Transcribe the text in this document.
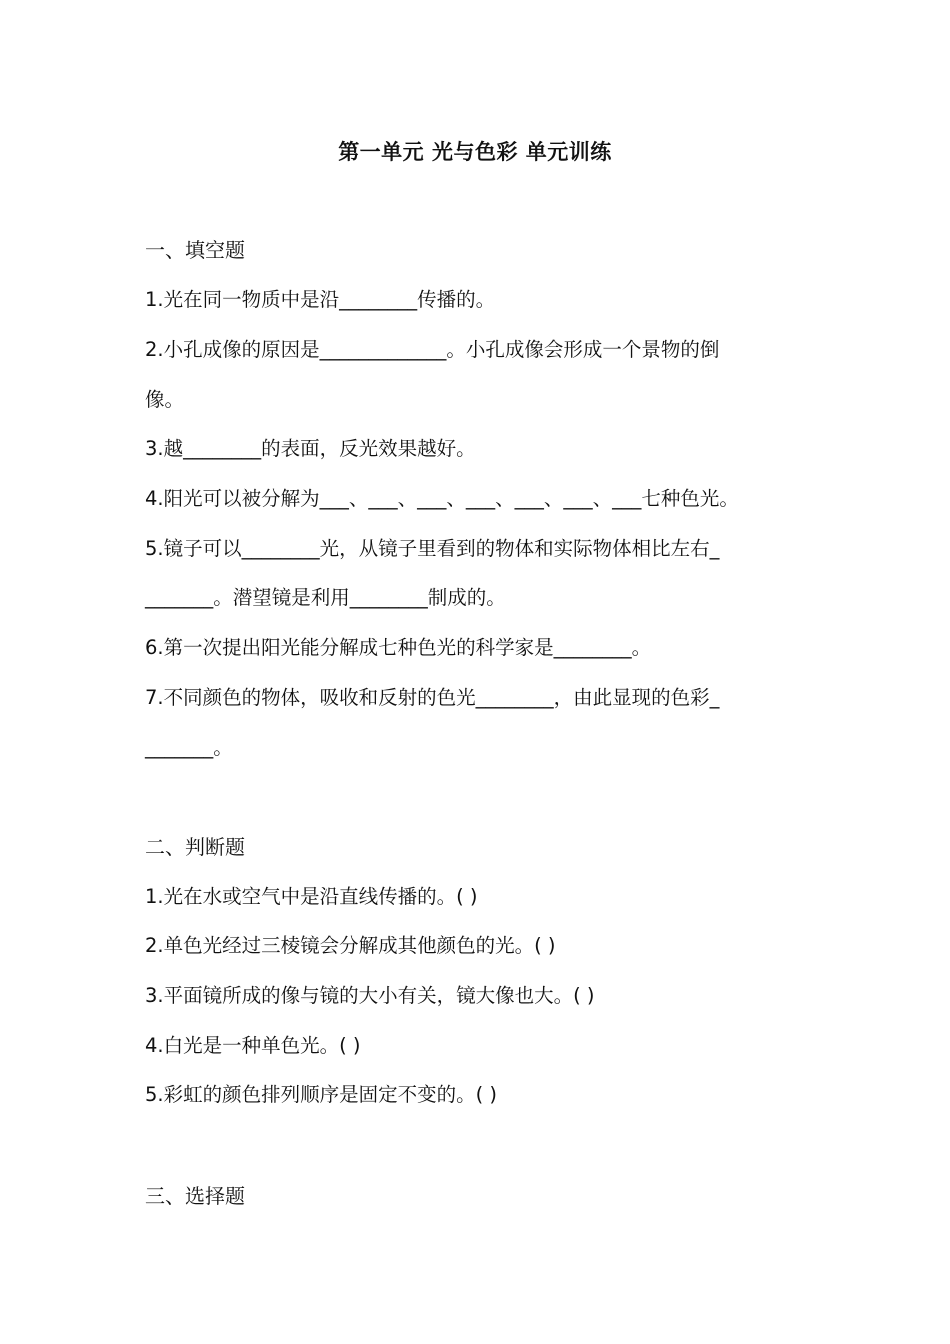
第一单元 光与色彩 单元训练
一、填空题
1.光在同一物质中是沿________传播的。
2.小孔成像的原因是_____________。小孔成像会形成一个景物的倒
像。
3.越________的表面，反光效果越好。
4.阳光可以被分解为___、___、___、___、___、___、___七种色光。
5.镜子可以________光，从镜子里看到的物体和实际物体相比左右_
_______。潜望镜是利用________制成的。
6.第一次提出阳光能分解成七种色光的科学家是________。
7.不同颜色的物体，吸收和反射的色光________，由此显现的色彩_
_______。
二、判断题
1.光在水或空气中是沿直线传播的。( )
2.单色光经过三棱镜会分解成其他颜色的光。( )
3.平面镜所成的像与镜的大小有关，镜大像也大。( )
4.白光是一种单色光。( )
5.彩虹的颜色排列顺序是固定不变的。( )
三、选择题
